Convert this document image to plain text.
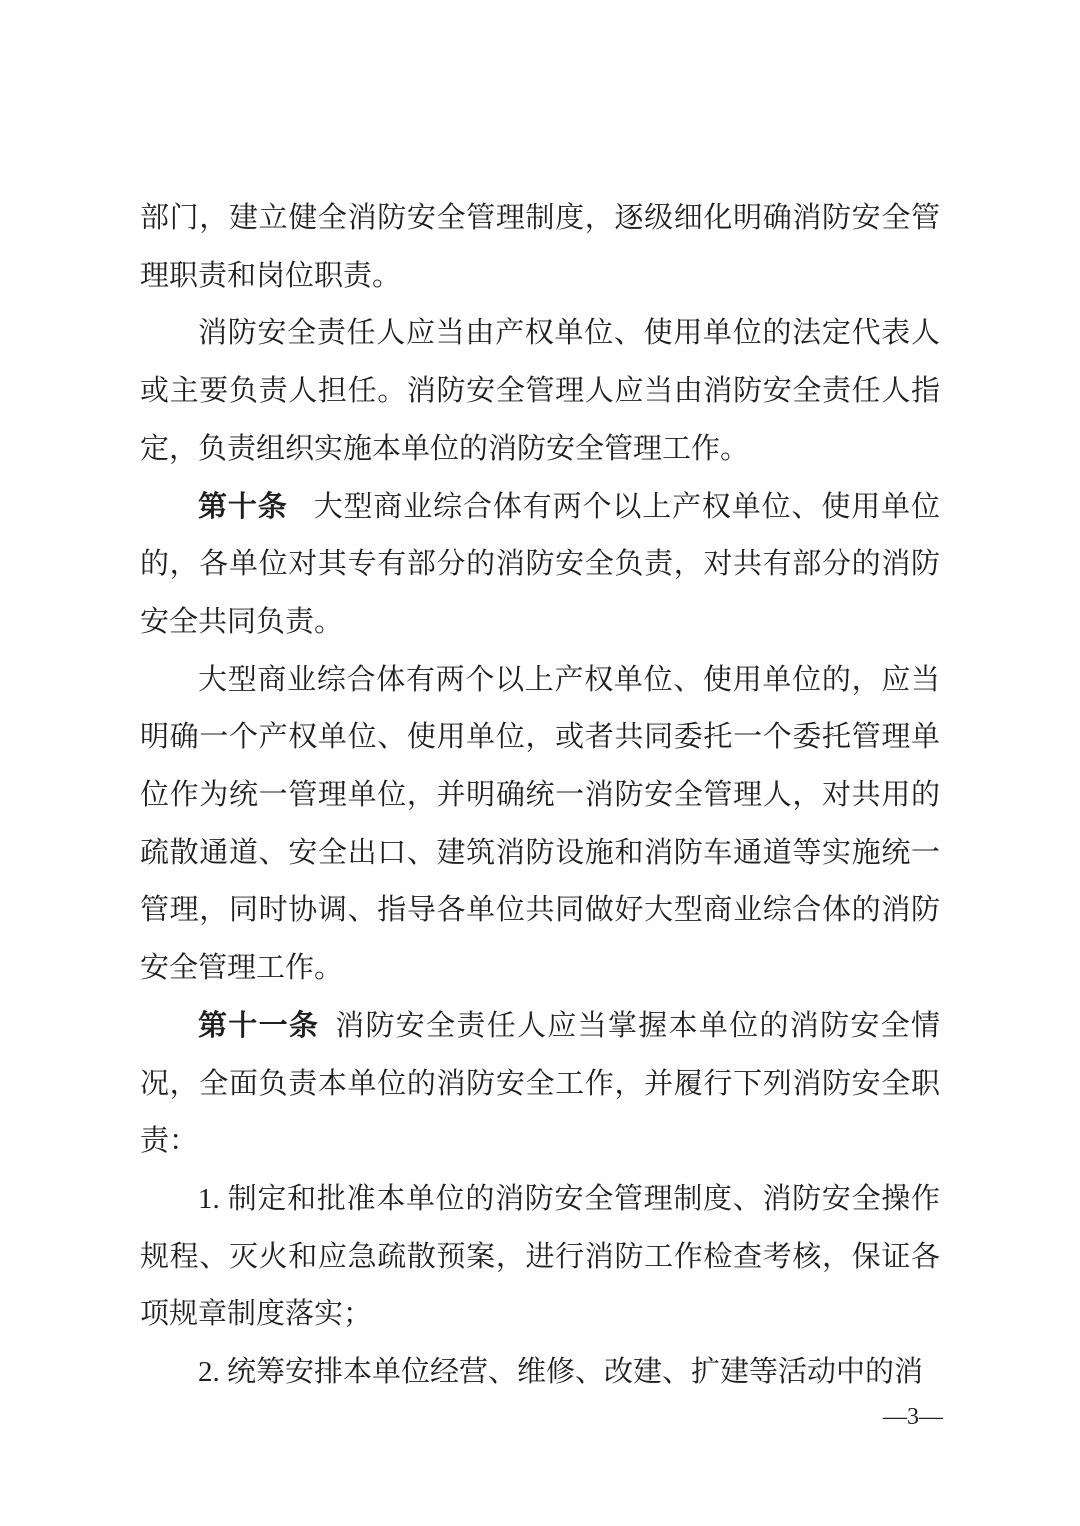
部门，建立健全消防安全管理制度，逐级细化明确消防安全管理职责和岗位职责。

消防安全责任人应当由产权单位、使用单位的法定代表人或主要负责人担任。消防安全管理人应当由消防安全责任人指定，负责组织实施本单位的消防安全管理工作。

第十条 大型商业综合体有两个以上产权单位、使用单位的，各单位对其专有部分的消防安全负责，对共有部分的消防安全共同负责。

大型商业综合体有两个以上产权单位、使用单位的，应当明确一个产权单位、使用单位，或者共同委托一个委托管理单位作为统一管理单位，并明确统一消防安全管理人，对共用的疏散通道、安全出口、建筑消防设施和消防车通道等实施统一管理，同时协调、指导各单位共同做好大型商业综合体的消防安全管理工作。

第十一条 消防安全责任人应当掌握本单位的消防安全情况，全面负责本单位的消防安全工作，并履行下列消防安全职责：

1. 制定和批准本单位的消防安全管理制度、消防安全操作规程、灭火和应急疏散预案，进行消防工作检查考核，保证各项规章制度落实；

2. 统筹安排本单位经营、维修、改建、扩建等活动中的消

—3—
